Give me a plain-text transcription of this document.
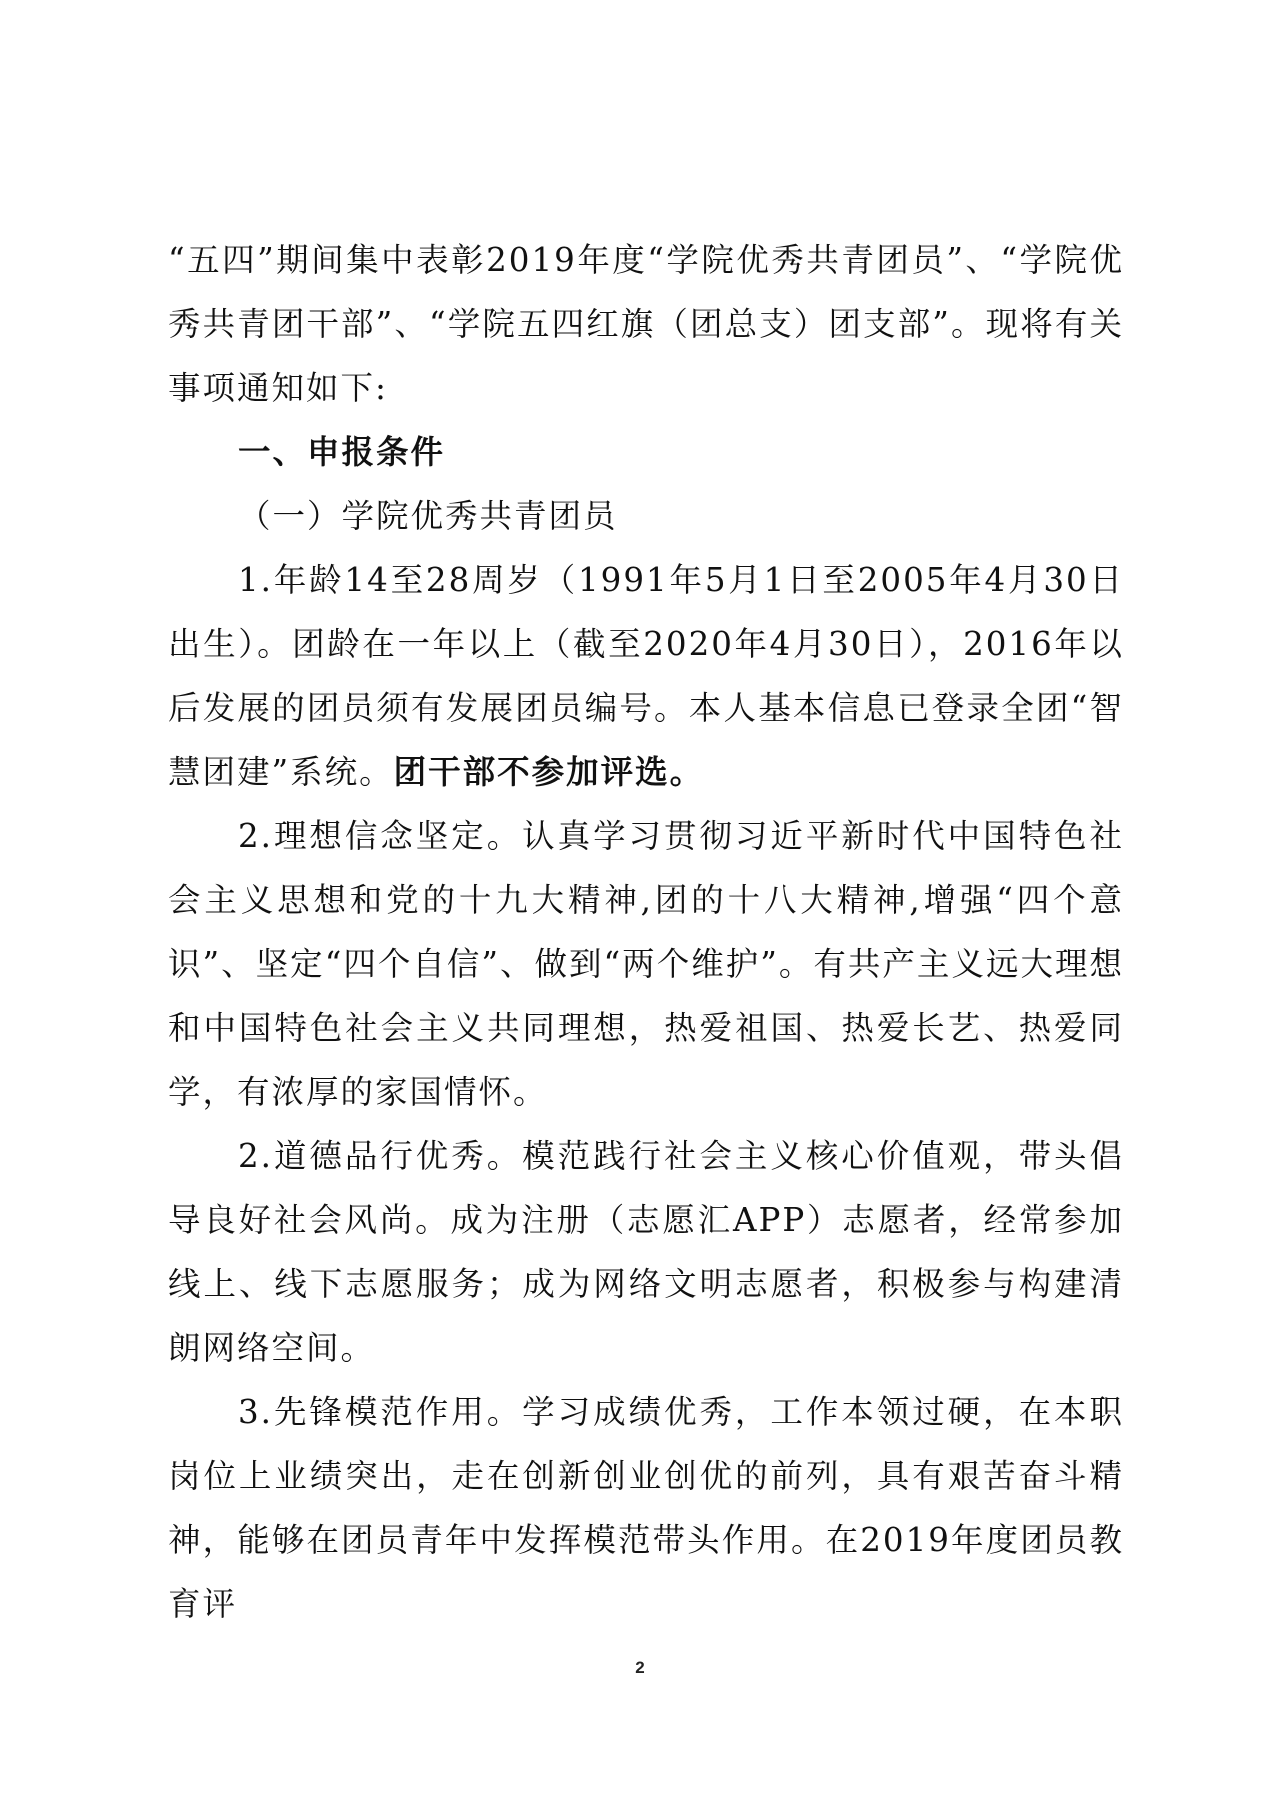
“五四”期间集中表彰2019年度“学院优秀共青团员”、“学院优秀共青团干部”、“学院五四红旗（团总支）团支部”。现将有关事项通知如下:

一、申报条件

（一）学院优秀共青团员

1.年龄14至28周岁（1991年5月1日至2005年4月30日出生）。团龄在一年以上（截至2020年4月30日），2016年以后发展的团员须有发展团员编号。本人基本信息已登录全团“智慧团建”系统。团干部不参加评选。

2.理想信念坚定。认真学习贯彻习近平新时代中国特色社会主义思想和党的十九大精神,团的十八大精神,增强“四个意识”、坚定“四个自信”、做到“两个维护”。有共产主义远大理想和中国特色社会主义共同理想，热爱祖国、热爱长艺、热爱同学，有浓厚的家国情怀。

2.道德品行优秀。模范践行社会主义核心价值观，带头倡导良好社会风尚。成为注册（志愿汇APP）志愿者，经常参加线上、线下志愿服务；成为网络文明志愿者，积极参与构建清朗网络空间。

3.先锋模范作用。学习成绩优秀，工作本领过硬，在本职岗位上业绩突出，走在创新创业创优的前列，具有艰苦奋斗精神，能够在团员青年中发挥模范带头作用。在2019年度团员教育评

2
